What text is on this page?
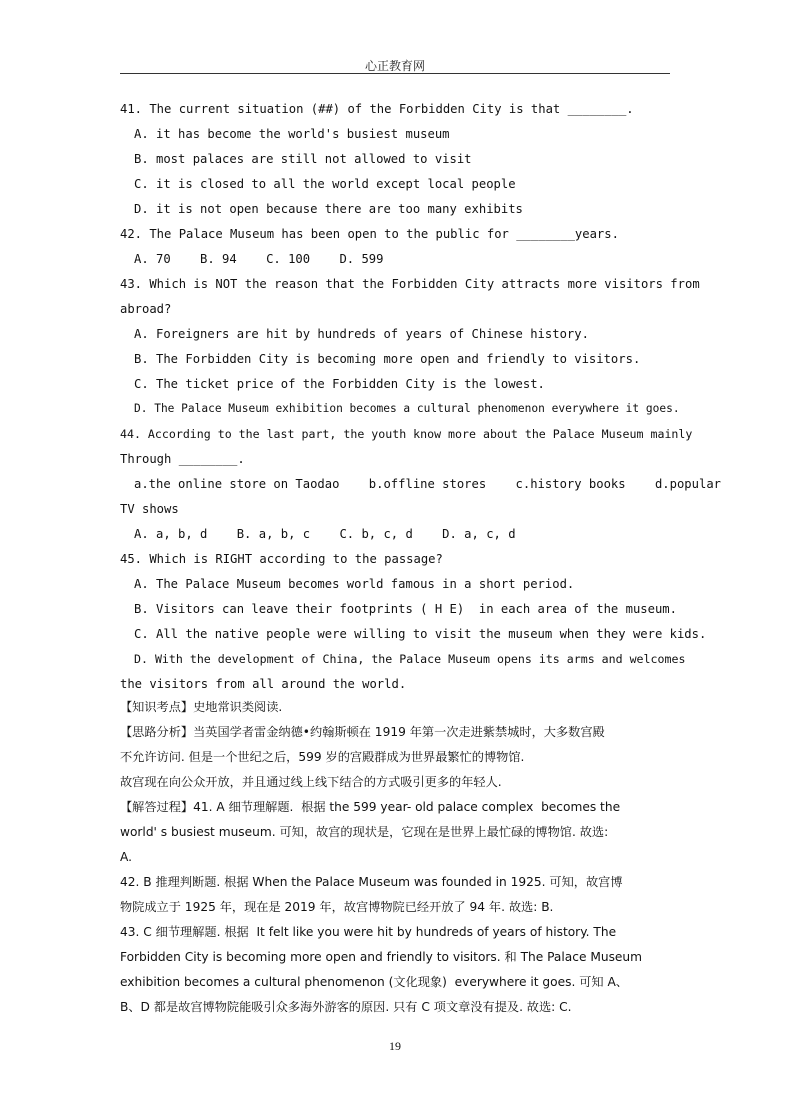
心正教育网
41. The current situation (##) of the Forbidden City is that ________.
A. it has become the world's busiest museum
B. most palaces are still not allowed to visit
C. it is closed to all the world except local people
D. it is not open because there are too many exhibits
42. The Palace Museum has been open to the public for ________years.
A. 70    B. 94    C. 100    D. 599
43. Which is NOT the reason that the Forbidden City attracts more visitors from
abroad?
A. Foreigners are hit by hundreds of years of Chinese history.
B. The Forbidden City is becoming more open and friendly to visitors.
C. The ticket price of the Forbidden City is the lowest.
D. The Palace Museum exhibition becomes a cultural phenomenon everywhere it goes.
44. According to the last part, the youth know more about the Palace Museum mainly
Through ________.
a.the online store on Taodao    b.offline stores    c.history books    d.popular
TV shows
A. a, b, d    B. a, b, c    C. b, c, d    D. a, c, d
45. Which is RIGHT according to the passage?
A. The Palace Museum becomes world famous in a short period.
B. Visitors can leave their footprints ( H E)  in each area of the museum.
C. All the native people were willing to visit the museum when they were kids.
D. With the development of China, the Palace Museum opens its arms and welcomes
the visitors from all around the world.
【知识考点】史地常识类阅读.
【思路分析】当英国学者雷金纳德•约翰斯顿在 1919 年第一次走进紫禁城时，大多数宫殿
不允许访问. 但是一个世纪之后，599 岁的宫殿群成为世界最繁忙的博物馆.
故宫现在向公众开放，并且通过线上线下结合的方式吸引更多的年轻人.
【解答过程】41. A 细节理解题.  根据 the 599 year- old palace complex  becomes the
world' s busiest museum. 可知，故宫的现状是，它现在是世界上最忙碌的博物馆. 故选:
A.
42. B 推理判断题. 根据 When the Palace Museum was founded in 1925. 可知，故宫博
物院成立于 1925 年，现在是 2019 年，故宫博物院已经开放了 94 年. 故选: B.
43. C 细节理解题. 根据  It felt like you were hit by hundreds of years of history. The
Forbidden City is becoming more open and friendly to visitors. 和 The Palace Museum
exhibition becomes a cultural phenomenon (文化现象)  everywhere it goes. 可知 A、
B、D 都是故宫博物院能吸引众多海外游客的原因. 只有 C 项文章没有提及. 故选: C.
19
